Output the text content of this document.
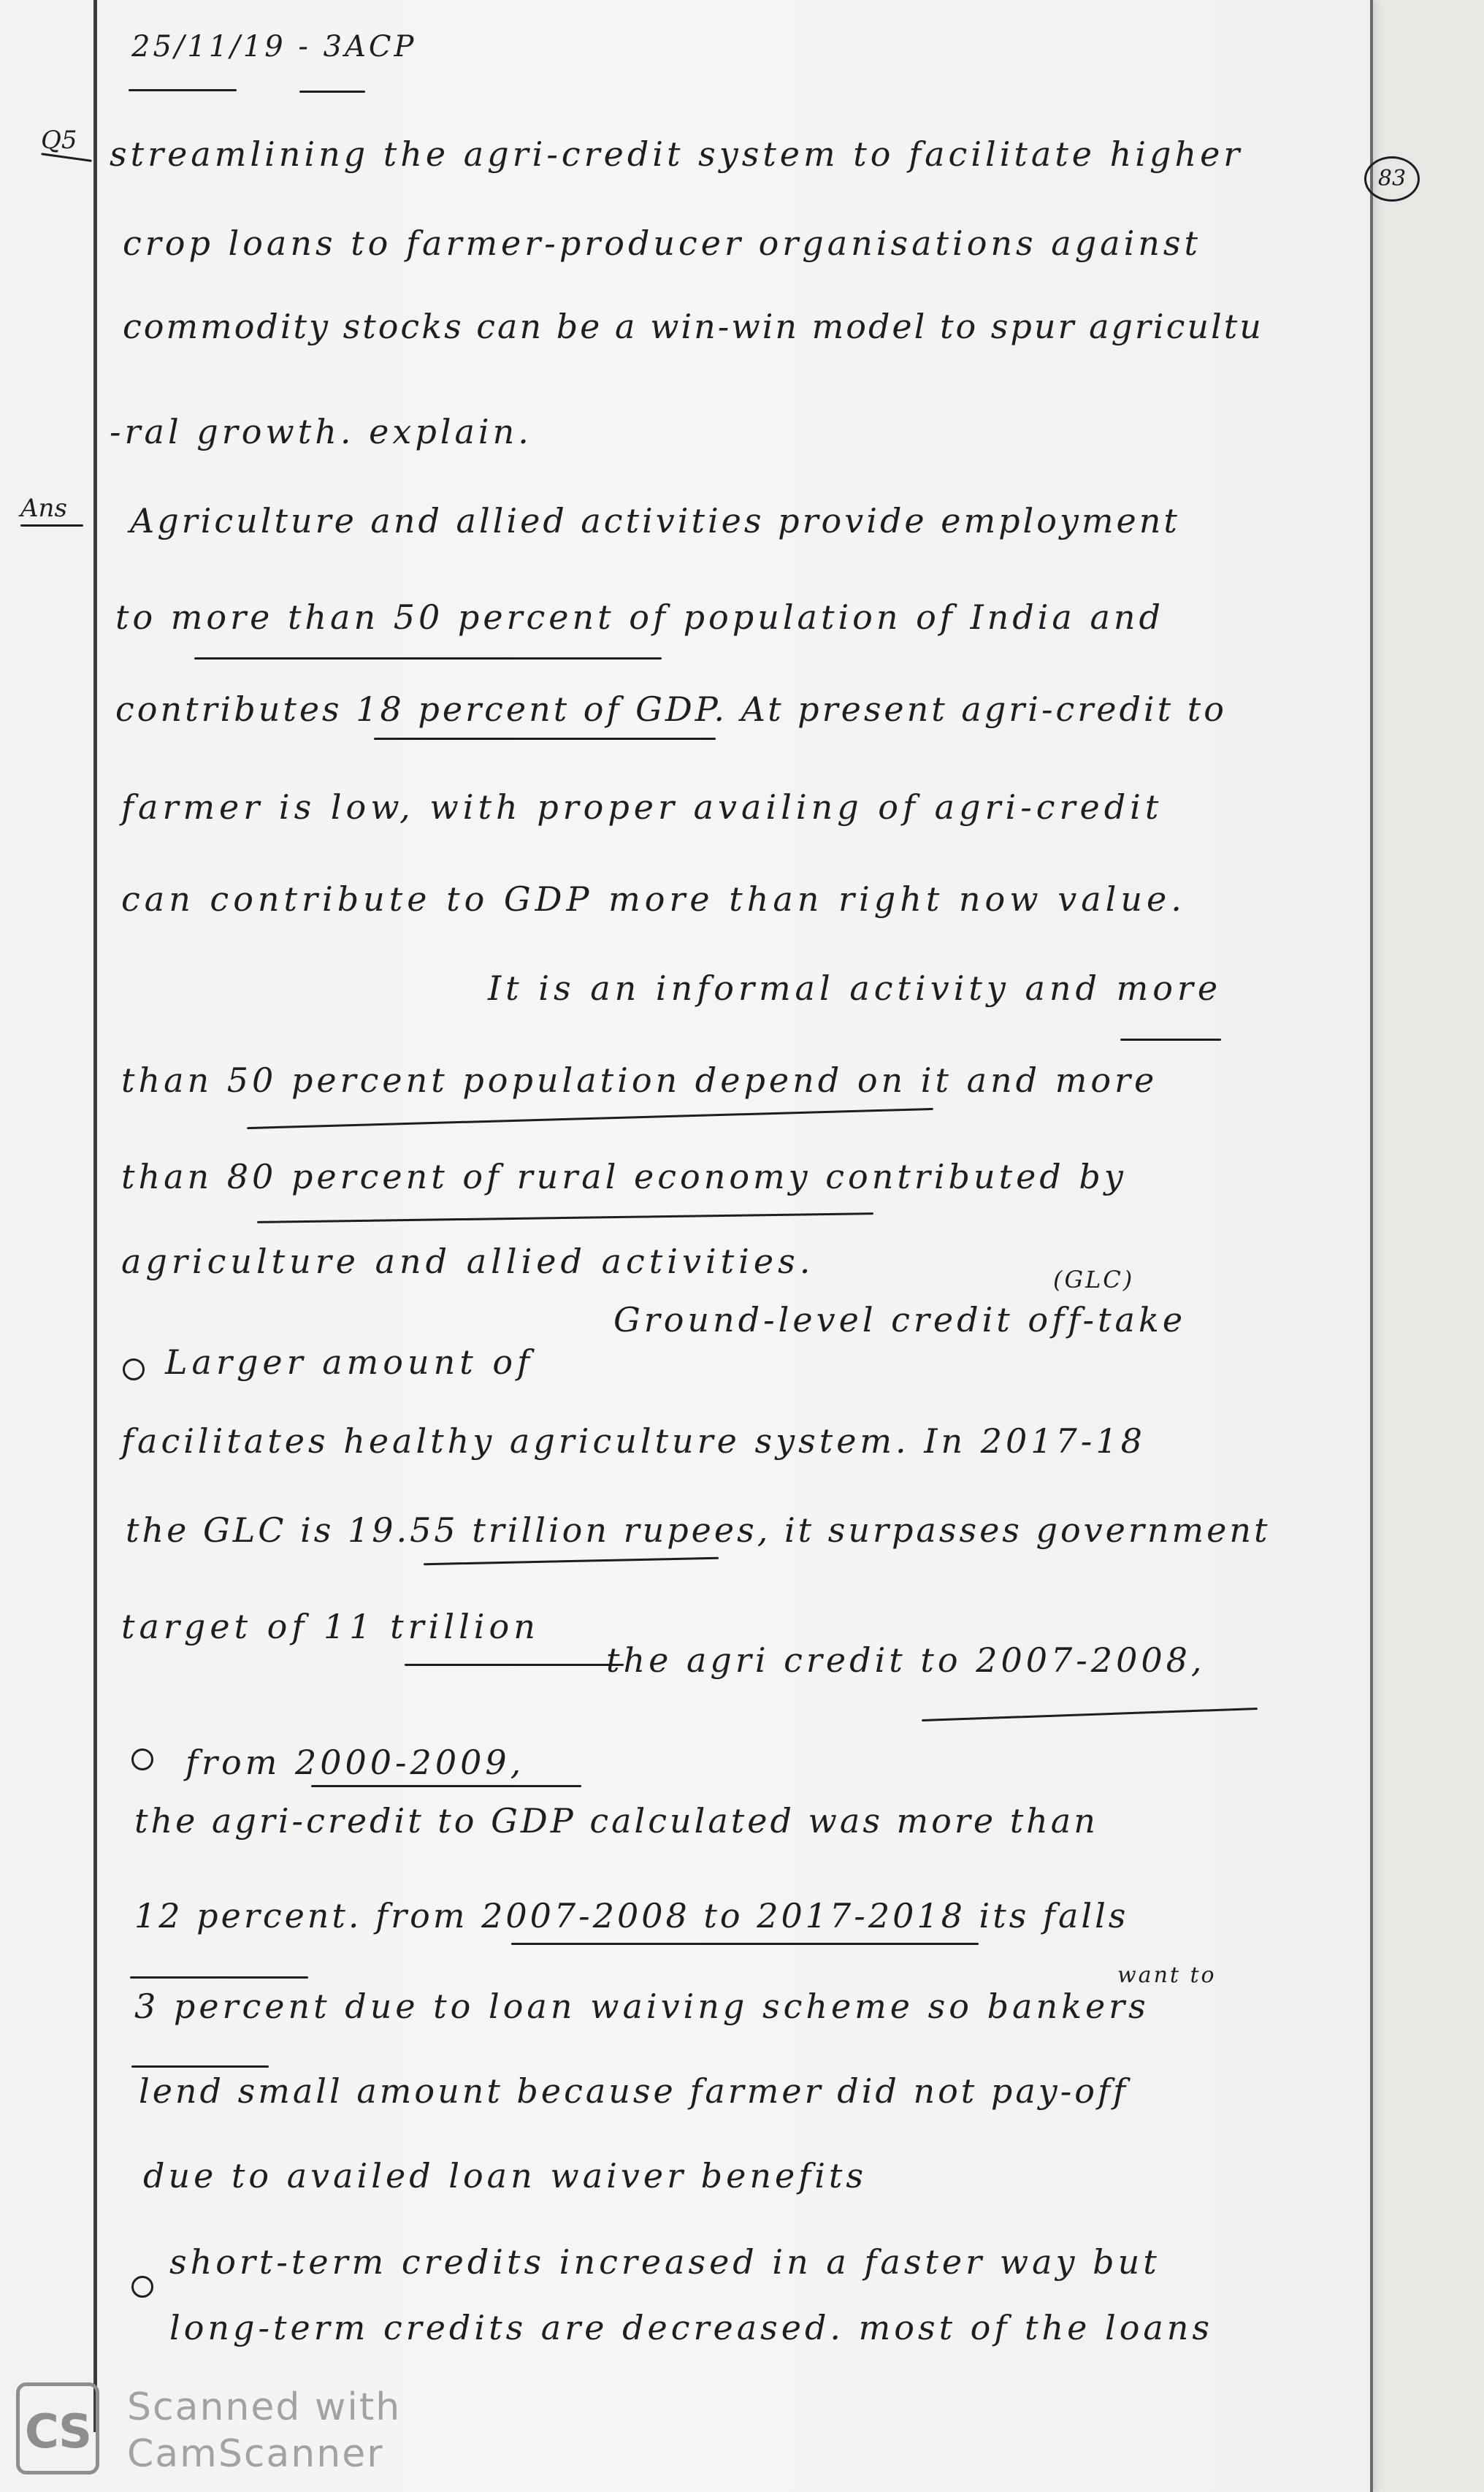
25/11/19 - 3ACP
Q5
83
streamlining the agri-credit system to facilitate higher
crop loans to farmer-producer organisations against
commodity stocks can be a win-win model to spur agricultu
-ral growth. explain.
Ans Agriculture and allied activities provide employment
to more than 50 percent of population of India and
contributes 18 percent of GDP. At present agri-credit to
farmer is low, with proper availing of agri-credit
can contribute to GDP more than right now value.
It is an informal activity and more
than 50 percent population depend on it and more
than 80 percent of rural economy contributed by
agriculture and allied activities.	(GLC)
Ground-level credit off-take
Larger amount of
facilitates healthy agriculture system. In 2017-18
the GLC is 19.55 trillion rupees, it surpasses government
target of 11 trillion
the agri credit to 2007-2008,
from 2000-2009,
the agri-credit to GDP calculated was more than
12 percent. from 2007-2008 to 2017-2018 its falls
want to
3 percent due to loan waiving scheme so bankers
lend small amount because farmer did not pay-off
due to availed loan waiver benefits
short-term credits increased in a faster way but
long-term credits are decreased. most of the loans
CS Scanned with
CamScanner
